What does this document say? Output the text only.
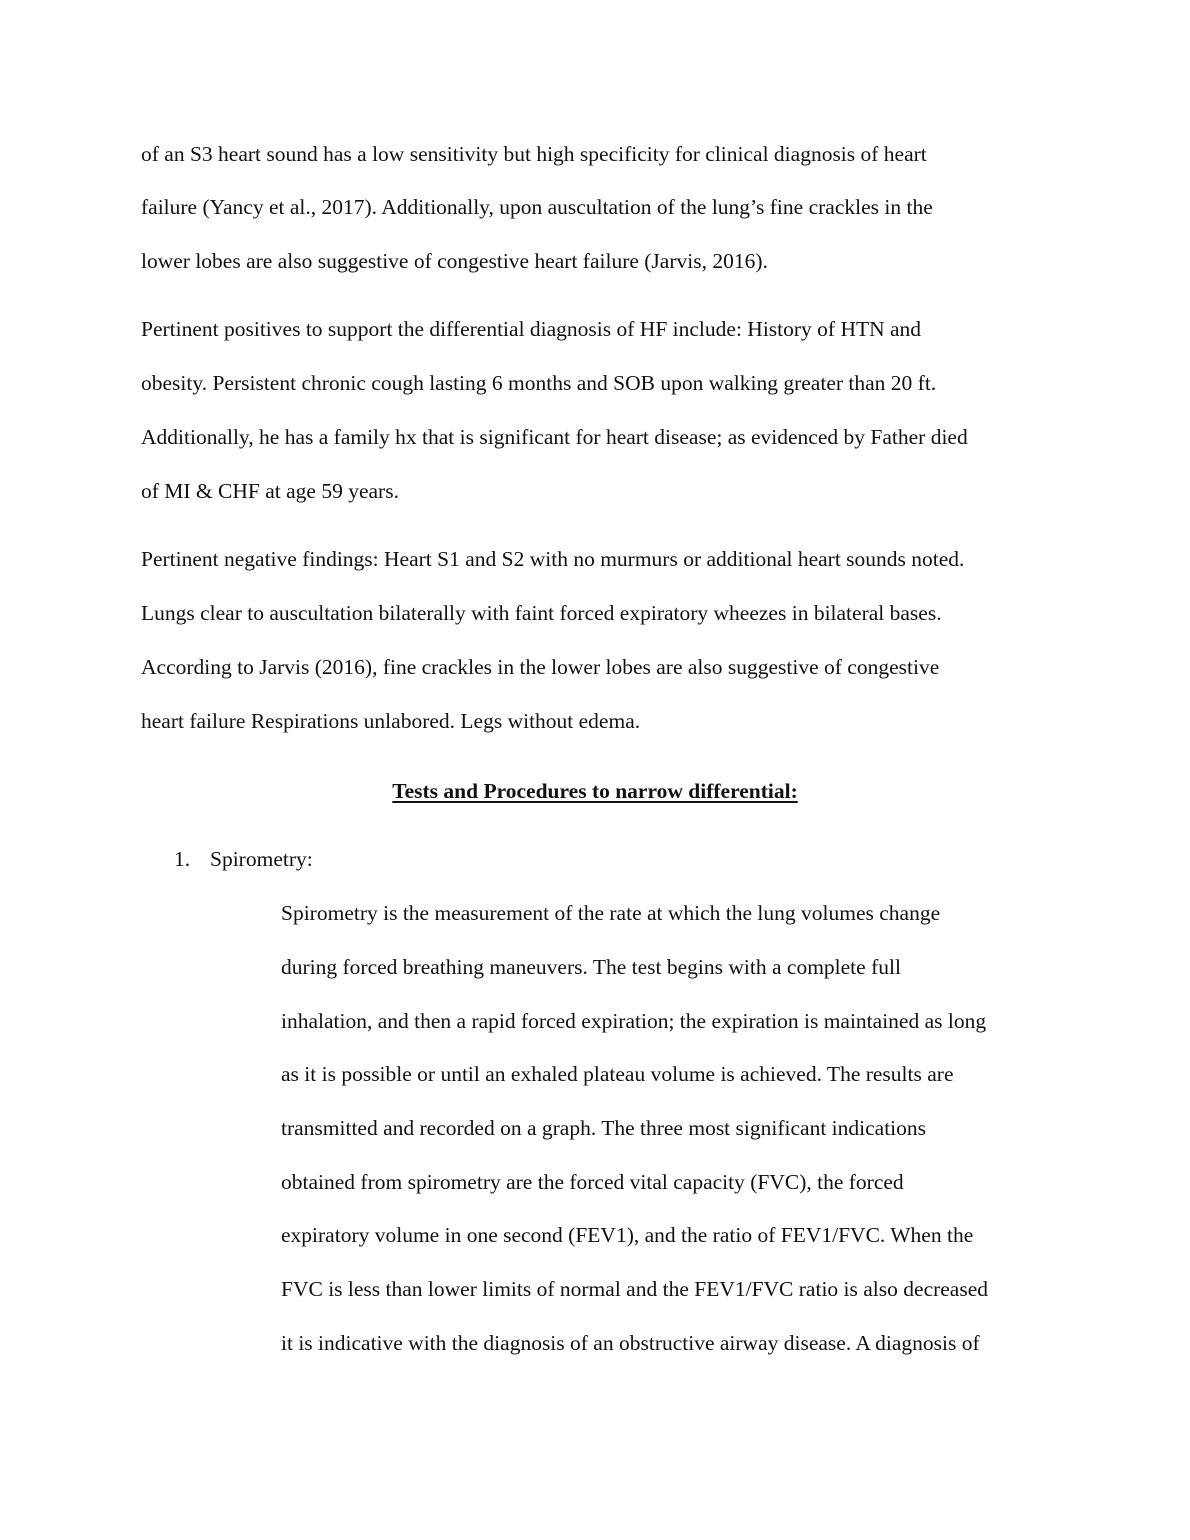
of an S3 heart sound has a low sensitivity but high specificity for clinical diagnosis of heart
failure (Yancy et al., 2017). Additionally, upon auscultation of the lung’s fine crackles in the
lower lobes are also suggestive of congestive heart failure (Jarvis, 2016).
Pertinent positives to support the differential diagnosis of HF include: History of HTN and
obesity. Persistent chronic cough lasting 6 months and SOB upon walking greater than 20 ft.
Additionally, he has a family hx that is significant for heart disease; as evidenced by Father died
of MI & CHF at age 59 years.
Pertinent negative findings: Heart S1 and S2 with no murmurs or additional heart sounds noted.
Lungs clear to auscultation bilaterally with faint forced expiratory wheezes in bilateral bases.
According to Jarvis (2016), fine crackles in the lower lobes are also suggestive of congestive
heart failure Respirations unlabored. Legs without edema.
Tests and Procedures to narrow differential:
1. Spirometry:
Spirometry is the measurement of the rate at which the lung volumes change
during forced breathing maneuvers. The test begins with a complete full
inhalation, and then a rapid forced expiration; the expiration is maintained as long
as it is possible or until an exhaled plateau volume is achieved. The results are
transmitted and recorded on a graph. The three most significant indications
obtained from spirometry are the forced vital capacity (FVC), the forced
expiratory volume in one second (FEV1), and the ratio of FEV1/FVC. When the
FVC is less than lower limits of normal and the FEV1/FVC ratio is also decreased
it is indicative with the diagnosis of an obstructive airway disease. A diagnosis of
